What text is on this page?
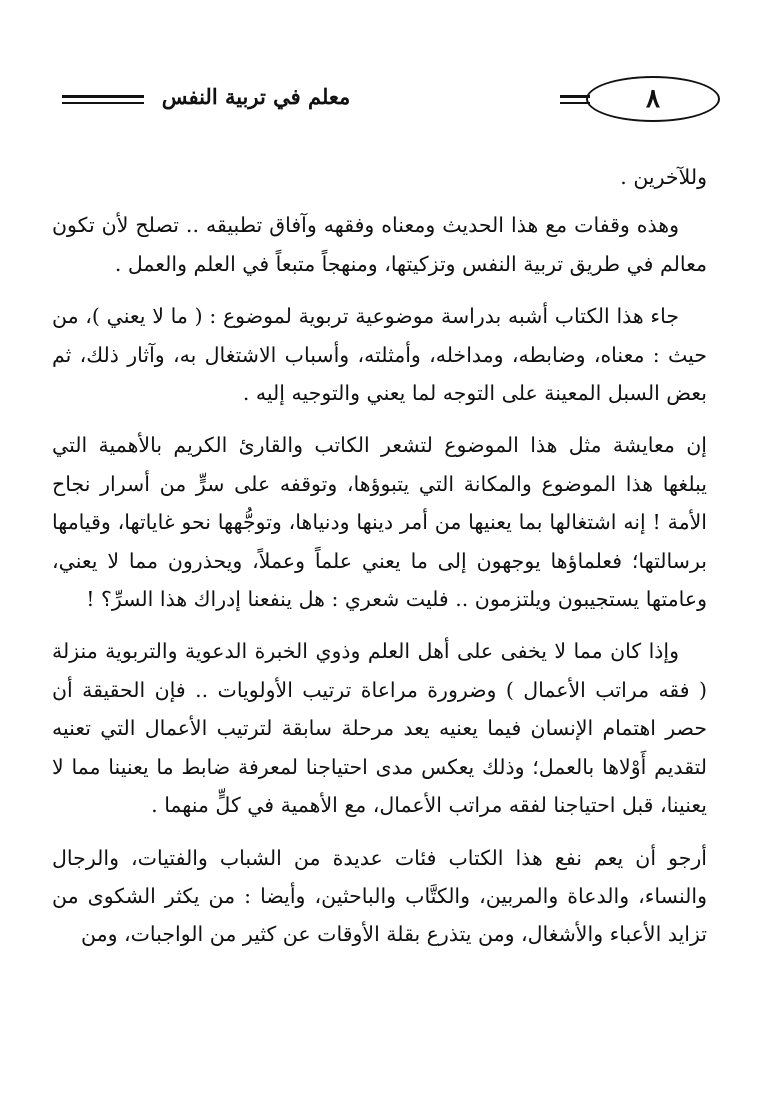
معلم في تربية النفس	٨

وللآخرين .

وهذه وقفات مع هذا الحديث ومعناه وفقهه وآفاق تطبيقه .. تصلح لأن تكون معالم في طريق تربية النفس وتزكيتها، ومنهجاً متبعاً في العلم والعمل .

جاء هذا الكتاب أشبه بدراسة موضوعية تربوية لموضوع : ( ما لا يعني )، من حيث : معناه، وضابطه، ومداخله، وأمثلته، وأسباب الاشتغال به، وآثار ذلك، ثم بعض السبل المعينة على التوجه لما يعني والتوجيه إليه .

إن معايشة مثل هذا الموضوع لتشعر الكاتب والقارئ الكريم بالأهمية التي يبلغها هذا الموضوع والمكانة التي يتبوؤها، وتوقفه على سرٍّ من أسرار نجاح الأمة ! إنه اشتغالها بما يعنيها من أمر دينها ودنياها، وتوجُّهها نحو غاياتها، وقيامها برسالتها؛ فعلماؤها يوجهون إلى ما يعني علماً وعملاً، ويحذرون مما لا يعني، وعامتها يستجيبون ويلتزمون .. فليت شعري : هل ينفعنا إدراك هذا السرِّ؟ !

وإذا كان مما لا يخفى على أهل العلم وذوي الخبرة الدعوية والتربوية منزلة ( فقه مراتب الأعمال ) وضرورة مراعاة ترتيب الأولويات .. فإن الحقيقة أن حصر اهتمام الإنسان فيما يعنيه يعد مرحلة سابقة لترتيب الأعمال التي تعنيه لتقديم أَوْلاها بالعمل؛ وذلك يعكس مدى احتياجنا لمعرفة ضابط ما يعنينا مما لا يعنينا، قبل احتياجنا لفقه مراتب الأعمال، مع الأهمية في كلٍّ منهما .

أرجو أن يعم نفع هذا الكتاب فئات عديدة من الشباب والفتيات، والرجال والنساء، والدعاة والمربين، والكتَّاب والباحثين، وأيضا : من يكثر الشكوى من تزايد الأعباء والأشغال، ومن يتذرع بقلة الأوقات عن كثير من الواجبات، ومن
